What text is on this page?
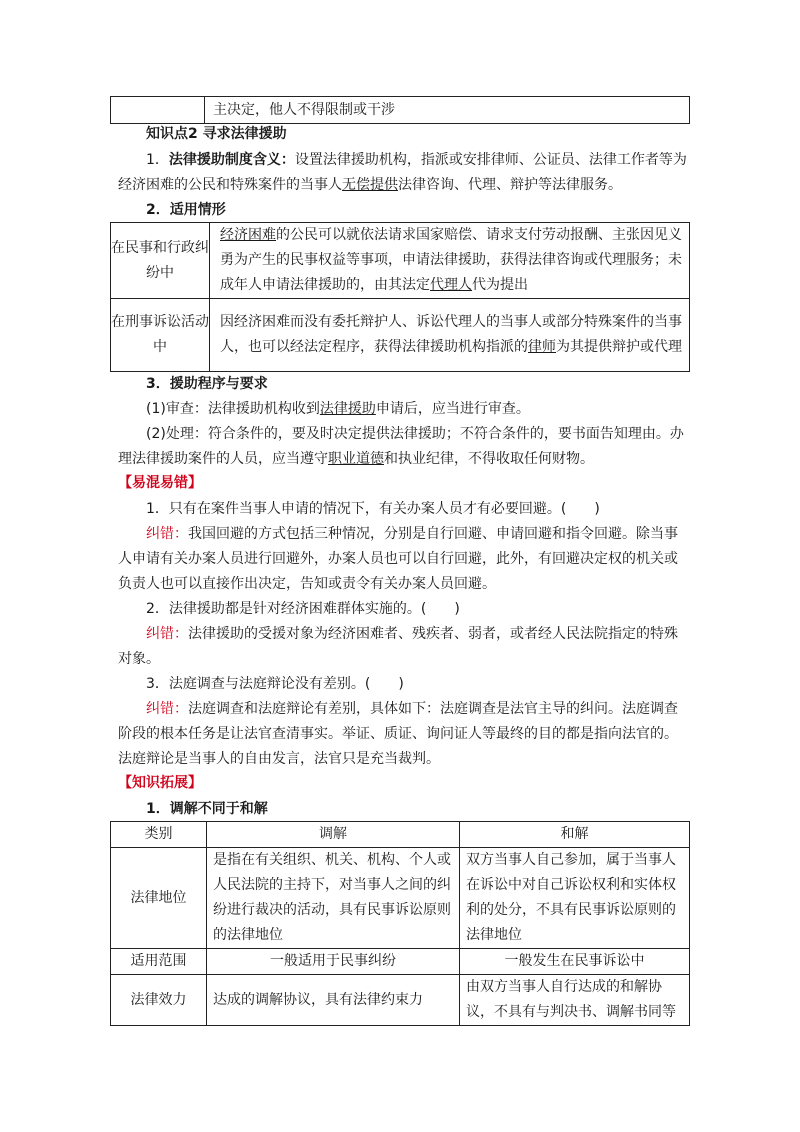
	主决定，他人不得限制或干涉
知识点2 寻求法律援助
1．法律援助制度含义：设置法律援助机构，指派或安排律师、公证员、法律工作者等为经济困难的公民和特殊案件的当事人无偿提供法律咨询、代理、辩护等法律服务。
2．适用情形
在民事和行政纠纷中	经济困难的公民可以就依法请求国家赔偿、请求支付劳动报酬、主张因见义勇为产生的民事权益等事项，申请法律援助，获得法律咨询或代理服务；未成年人申请法律援助的，由其法定代理人代为提出
在刑事诉讼活动中	因经济困难而没有委托辩护人、诉讼代理人的当事人或部分特殊案件的当事人，也可以经法定程序，获得法律援助机构指派的律师为其提供辩护或代理
3．援助程序与要求
(1)审查：法律援助机构收到法律援助申请后，应当进行审查。
(2)处理：符合条件的，要及时决定提供法律援助；不符合条件的，要书面告知理由。办理法律援助案件的人员，应当遵守职业道德和执业纪律，不得收取任何财物。
【易混易错】
1．只有在案件当事人申请的情况下，有关办案人员才有必要回避。(　　)
纠错：我国回避的方式包括三种情况，分别是自行回避、申请回避和指令回避。除当事人申请有关办案人员进行回避外，办案人员也可以自行回避，此外，有回避决定权的机关或负责人也可以直接作出决定，告知或责令有关办案人员回避。
2．法律援助都是针对经济困难群体实施的。(　　)
纠错：法律援助的受援对象为经济困难者、残疾者、弱者，或者经人民法院指定的特殊对象。
3．法庭调查与法庭辩论没有差别。(　　)
纠错：法庭调查和法庭辩论有差别，具体如下：法庭调查是法官主导的纠问。法庭调查阶段的根本任务是让法官查清事实。举证、质证、询问证人等最终的目的都是指向法官的。法庭辩论是当事人的自由发言，法官只是充当裁判。
【知识拓展】
1．调解不同于和解
类别	调解	和解
法律地位	是指在有关组织、机关、机构、个人或人民法院的主持下，对当事人之间的纠纷进行裁决的活动，具有民事诉讼原则的法律地位	双方当事人自己参加，属于当事人在诉讼中对自己诉讼权利和实体权利的处分，不具有民事诉讼原则的法律地位
适用范围	一般适用于民事纠纷	一般发生在民事诉讼中
法律效力	达成的调解协议，具有法律约束力	由双方当事人自行达成的和解协议，不具有与判决书、调解书同等
